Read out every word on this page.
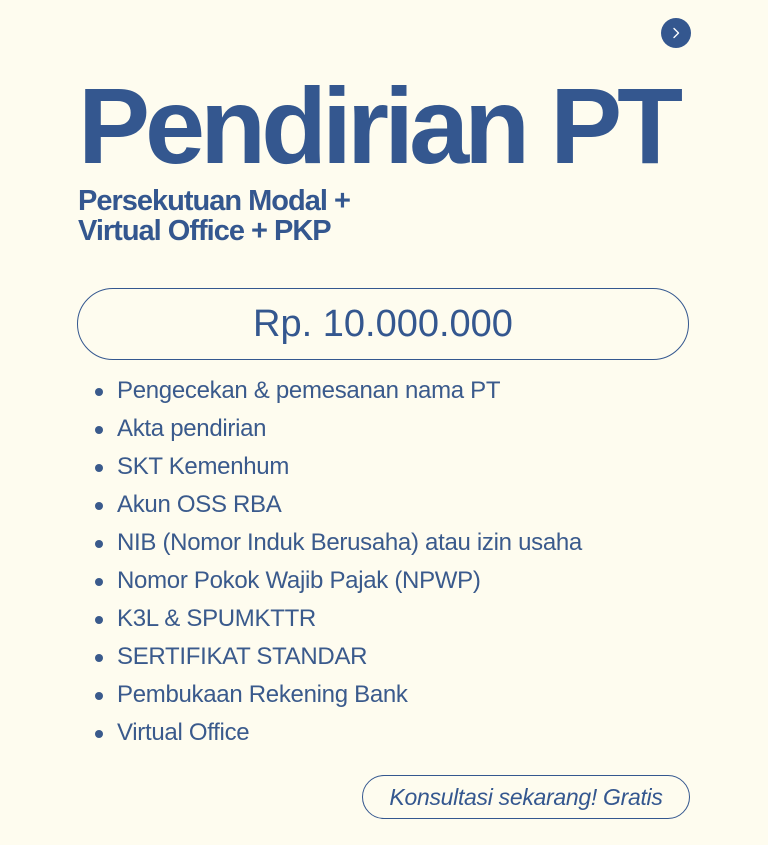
Pendirian PT
Persekutuan Modal +
Virtual Office + PKP
Rp. 10.000.000
Pengecekan & pemesanan nama PT
Akta pendirian
SKT Kemenhum
Akun OSS RBA
NIB (Nomor Induk Berusaha) atau izin usaha
Nomor Pokok Wajib Pajak (NPWP)
K3L & SPUMKTTR
SERTIFIKAT STANDAR
Pembukaan Rekening Bank
Virtual Office
Konsultasi sekarang! Gratis
